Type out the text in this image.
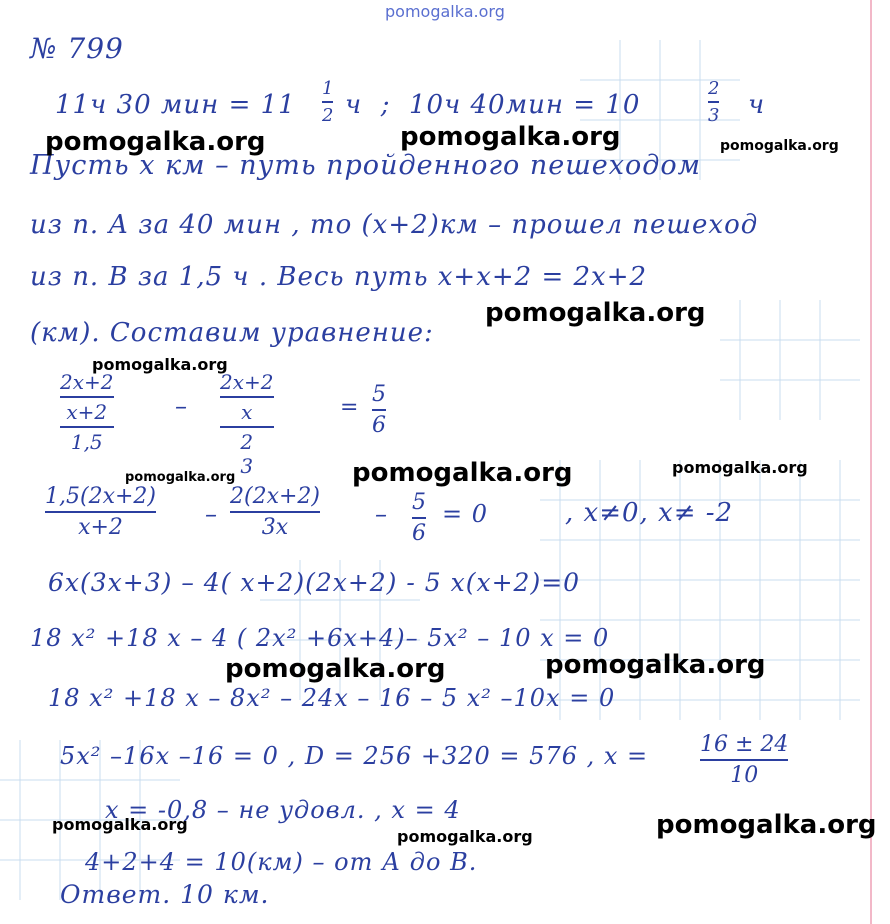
№ 799
11ч 30 мин = 11
1
2 ч  ;  10ч 40мин = 10
2
3 ч
Пусть х км – путь пройденного пешеходом
из п. А за 40 мин , то (х+2)км – прошел пешеход
из п. В за 1,5 ч . Весь путь х+х+2 = 2х+2
(км). Составим уравнение:
2х+2
х+2
1,5
–
2х+2
х
2
3
=
5
6
1,5(2х+2)
х+2	–
2(2х+2)
3х	– 5
6
= 0	, х≠0, х≠ -2
6х(3х+3) – 4( х+2)(2х+2) - 5 х(х+2)=0
18 х² +18 х – 4 ( 2х² +6х+4)– 5х² – 10 х = 0
18 х² +18 х – 8х² – 24х – 16 – 5 х² –10х = 0
5х² –16х –16 = 0 , D = 256 +320 = 576 , х = 16 ± 24
10
х = -0,8 – не удовл. , х = 4
4+2+4 = 10(км) – от А до В.
Ответ. 10 км.
pomogalka.org
pomogalka.org	pomogalka.org	pomogalka.org
pomogalka.org
pomogalka.org
pomogalka.org	pomogalka.org	pomogalka.org
pomogalka.org	pomogalka.org
pomogalka.org
pomogalka.org	pomogalka.org
